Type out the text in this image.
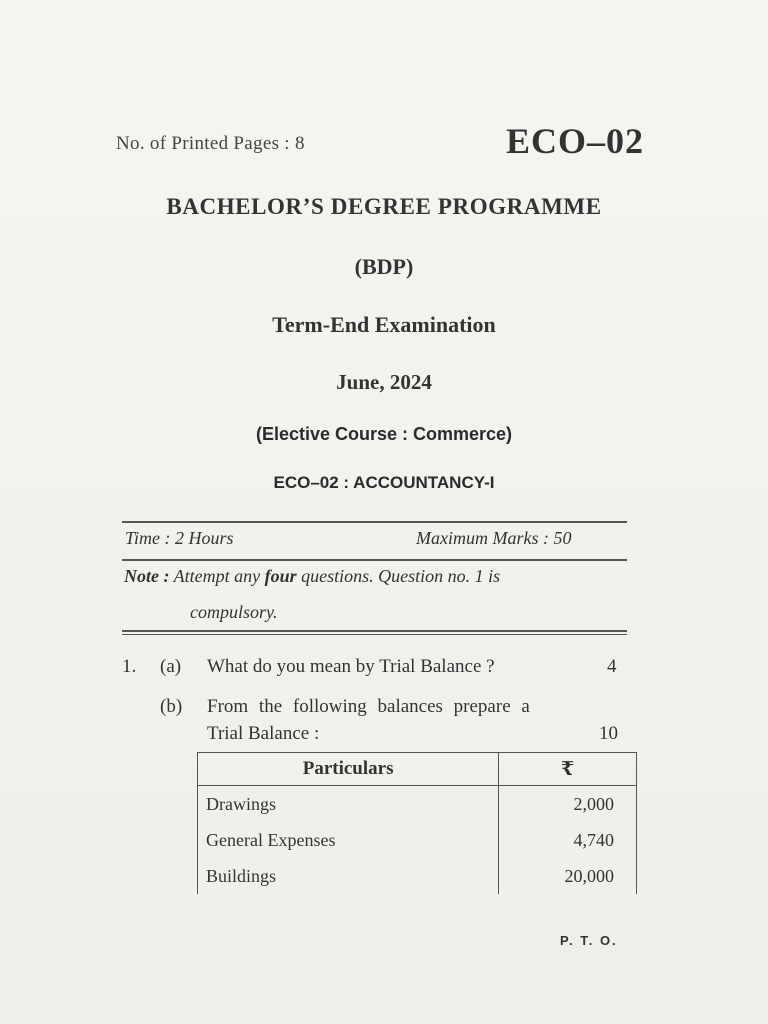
No. of Printed Pages : 8	ECO–02
BACHELOR’S DEGREE PROGRAMME
(BDP)
Term-End Examination
June, 2024
(Elective Course : Commerce)
ECO–02 : ACCOUNTANCY-I
Time : 2 Hours	Maximum Marks : 50
Note : Attempt any four questions. Question no. 1 is
compulsory.
1. (a) What do you mean by Trial Balance ?	4
(b) From the following balances prepare a
Trial Balance :	10
Particulars	₹
Drawings	2,000
General Expenses	4,740
Buildings	20,000
P. T. O.
